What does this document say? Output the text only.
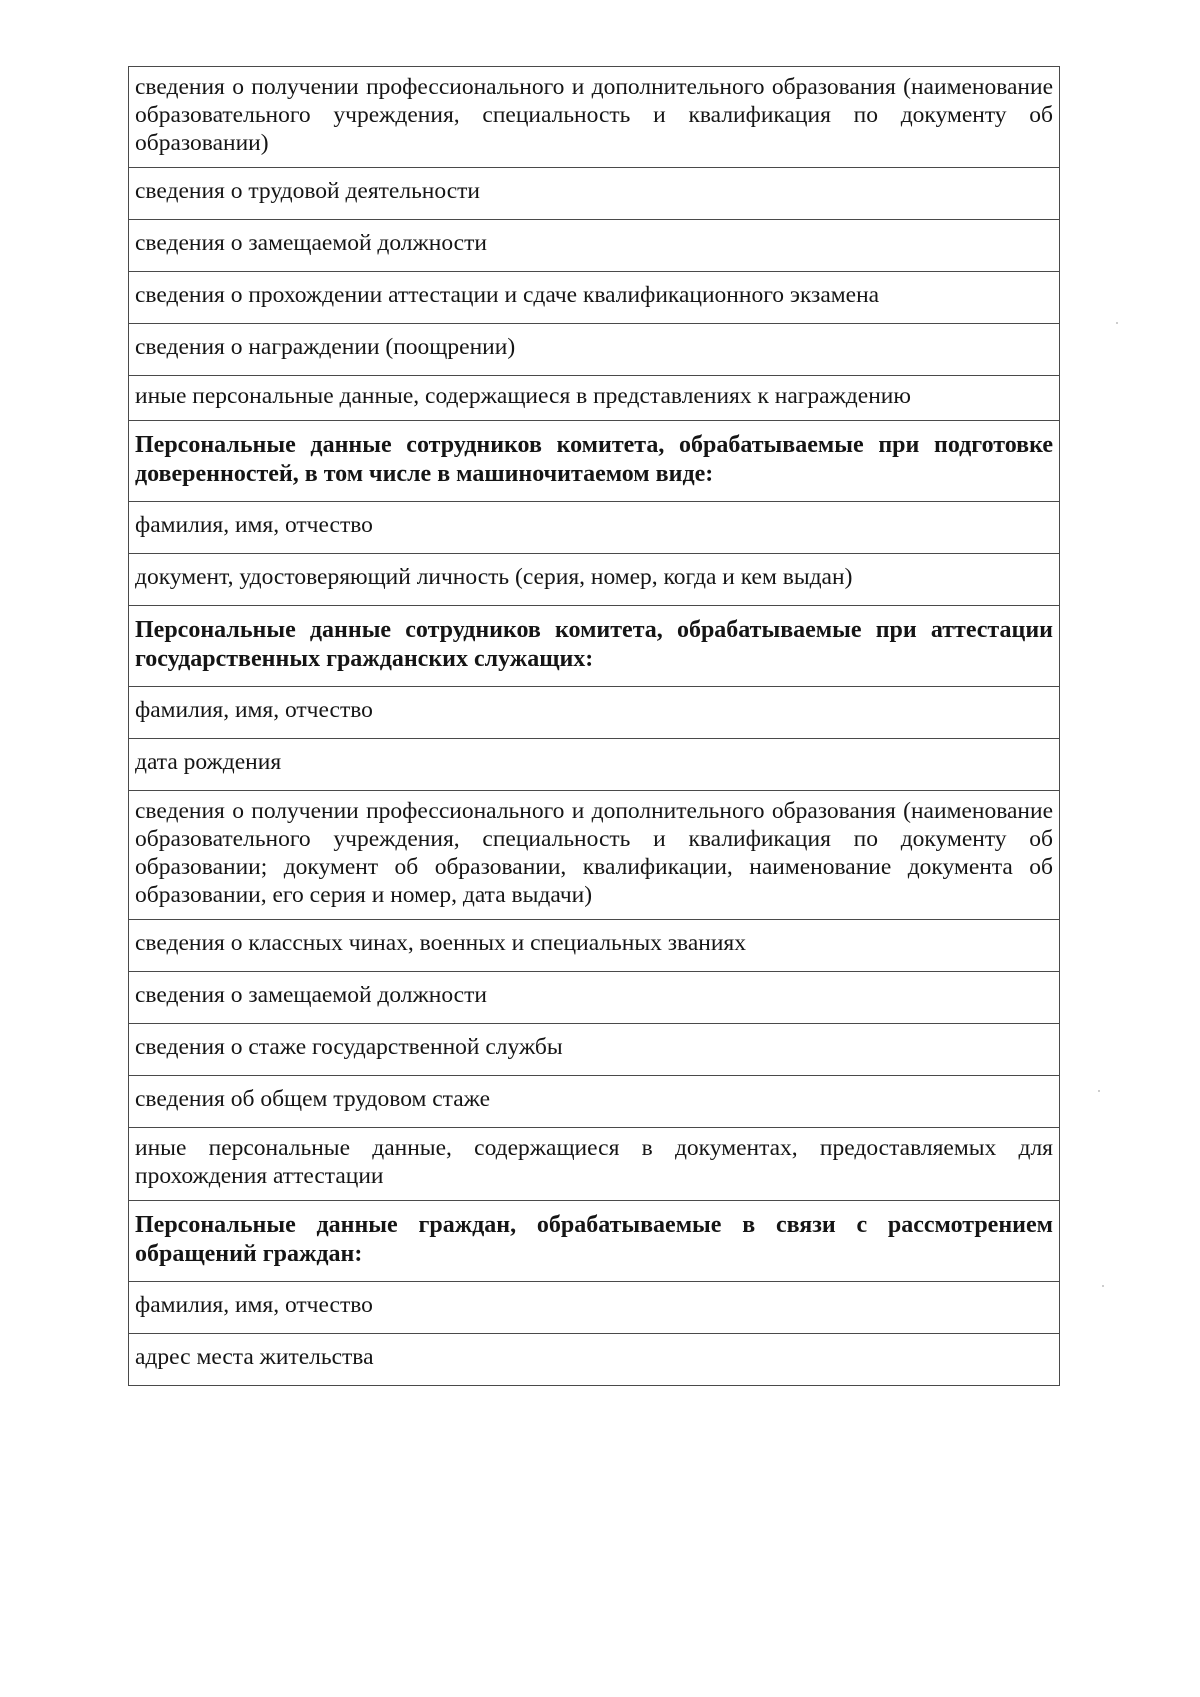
сведения о получении профессионального и дополнительного образования (наименование образовательного учреждения, специальность и квалификация по документу об образовании)
сведения о трудовой деятельности
сведения о замещаемой должности
сведения о прохождении аттестации и сдаче квалификационного экзамена
сведения о награждении (поощрении)
иные персональные данные, содержащиеся в представлениях к награждению
Персональные данные сотрудников комитета, обрабатываемые при подготовке доверенностей, в том числе в машиночитаемом виде:
фамилия, имя, отчество
документ, удостоверяющий личность (серия, номер, когда и кем выдан)
Персональные данные сотрудников комитета, обрабатываемые при аттестации государственных гражданских служащих:
фамилия, имя, отчество
дата рождения
сведения о получении профессионального и дополнительного образования (наименование образовательного учреждения, специальность и квалификация по документу об образовании; документ об образовании, квалификации, наименование документа об образовании, его серия и номер, дата выдачи)
сведения о классных чинах, военных и специальных званиях
сведения о замещаемой должности
сведения о стаже государственной службы
сведения об общем трудовом стаже
иные персональные данные, содержащиеся в документах, предоставляемых для прохождения аттестации
Персональные данные граждан, обрабатываемые в связи с рассмотрением обращений граждан:
фамилия, имя, отчество
адрес места жительства
